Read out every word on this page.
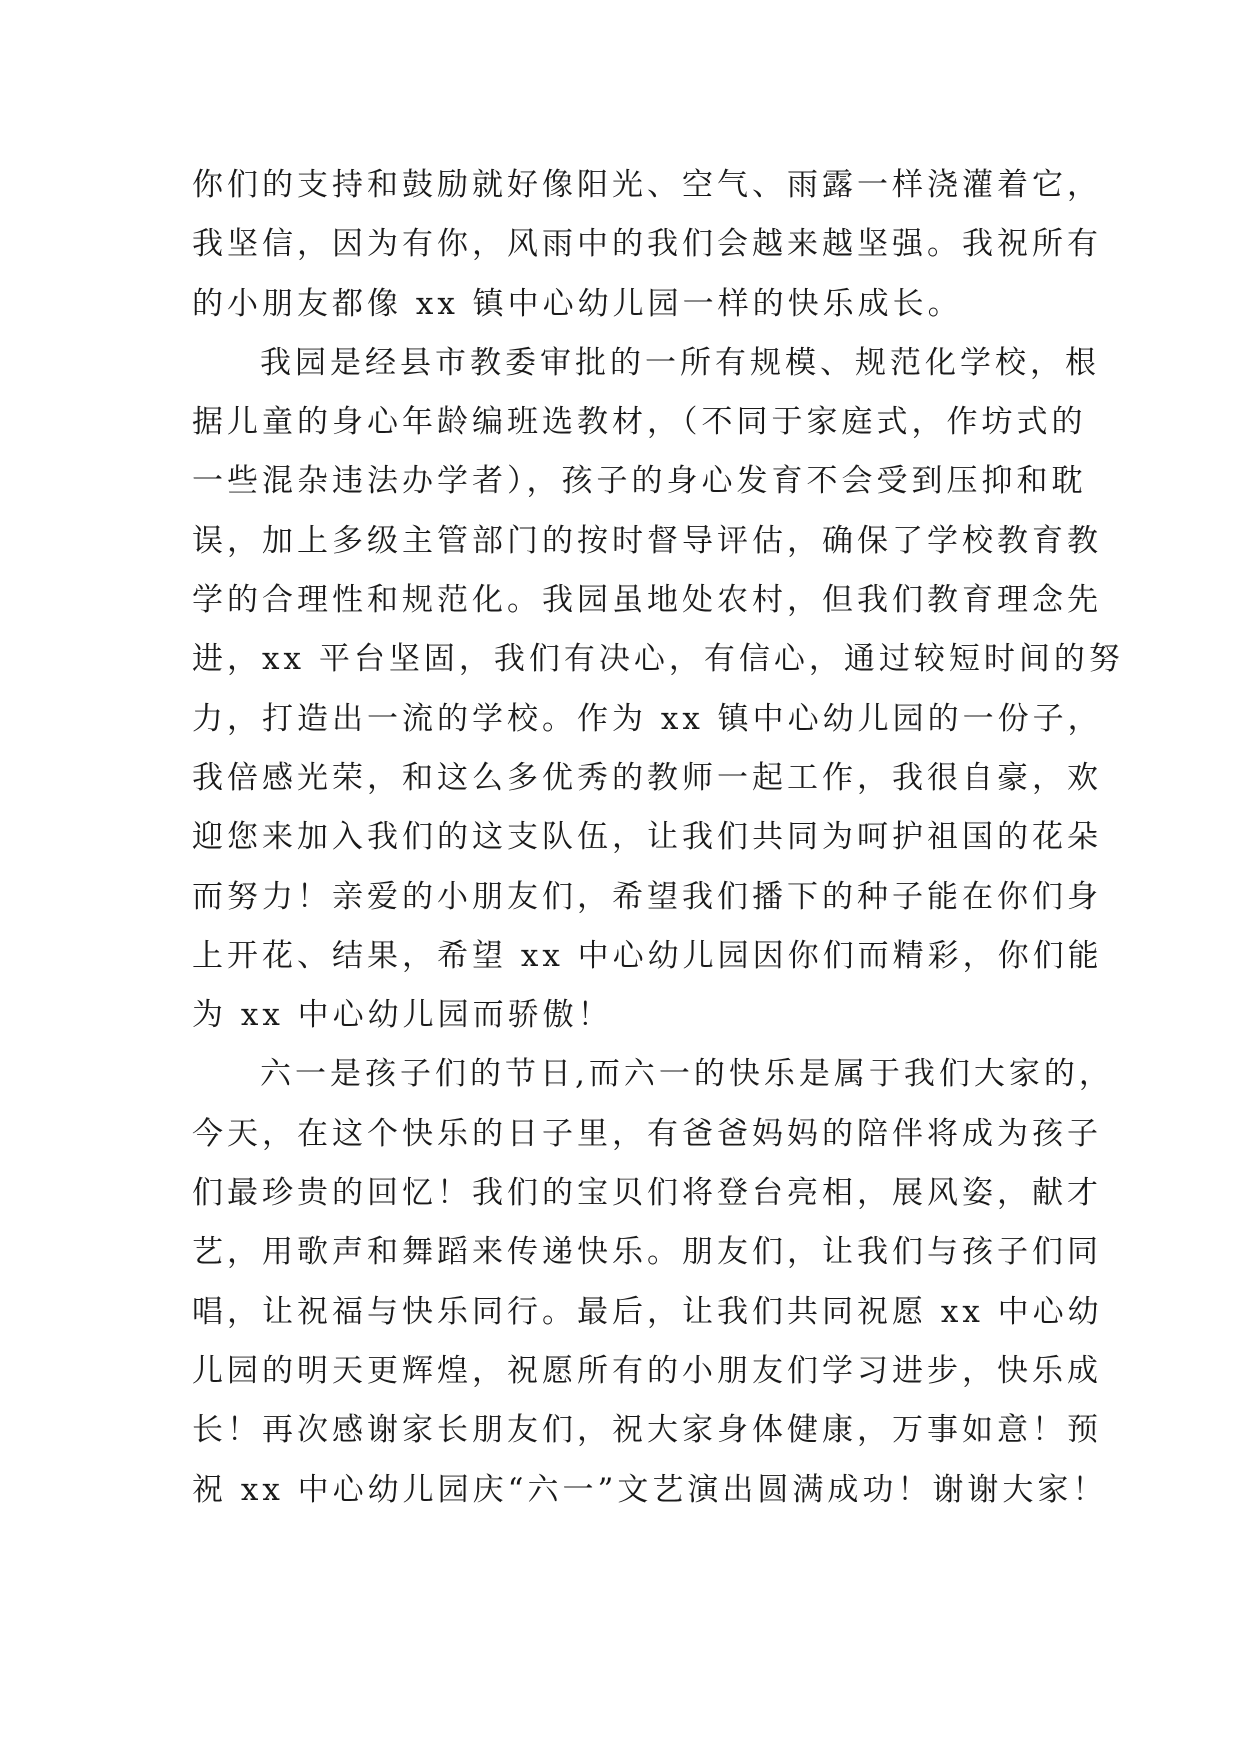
你们的支持和鼓励就好像阳光、空气、雨露一样浇灌着它，
我坚信，因为有你，风雨中的我们会越来越坚强。我祝所有
的小朋友都像 xx 镇中心幼儿园一样的快乐成长。
我园是经县市教委审批的一所有规模、规范化学校，根
据儿童的身心年龄编班选教材，（不同于家庭式，作坊式的
一些混杂违法办学者），孩子的身心发育不会受到压抑和耽
误，加上多级主管部门的按时督导评估，确保了学校教育教
学的合理性和规范化。我园虽地处农村，但我们教育理念先
进，xx 平台坚固，我们有决心，有信心，通过较短时间的努
力，打造出一流的学校。作为 xx 镇中心幼儿园的一份子，
我倍感光荣，和这么多优秀的教师一起工作，我很自豪，欢
迎您来加入我们的这支队伍，让我们共同为呵护祖国的花朵
而努力！亲爱的小朋友们，希望我们播下的种子能在你们身
上开花、结果，希望 xx 中心幼儿园因你们而精彩，你们能
为 xx 中心幼儿园而骄傲！
六一是孩子们的节日,而六一的快乐是属于我们大家的，
今天，在这个快乐的日子里，有爸爸妈妈的陪伴将成为孩子
们最珍贵的回忆！我们的宝贝们将登台亮相，展风姿，献才
艺，用歌声和舞蹈来传递快乐。朋友们，让我们与孩子们同
唱，让祝福与快乐同行。最后，让我们共同祝愿 xx 中心幼
儿园的明天更辉煌，祝愿所有的小朋友们学习进步，快乐成
长！再次感谢家长朋友们，祝大家身体健康，万事如意！预
祝 xx 中心幼儿园庆“六一”文艺演出圆满成功！谢谢大家！
